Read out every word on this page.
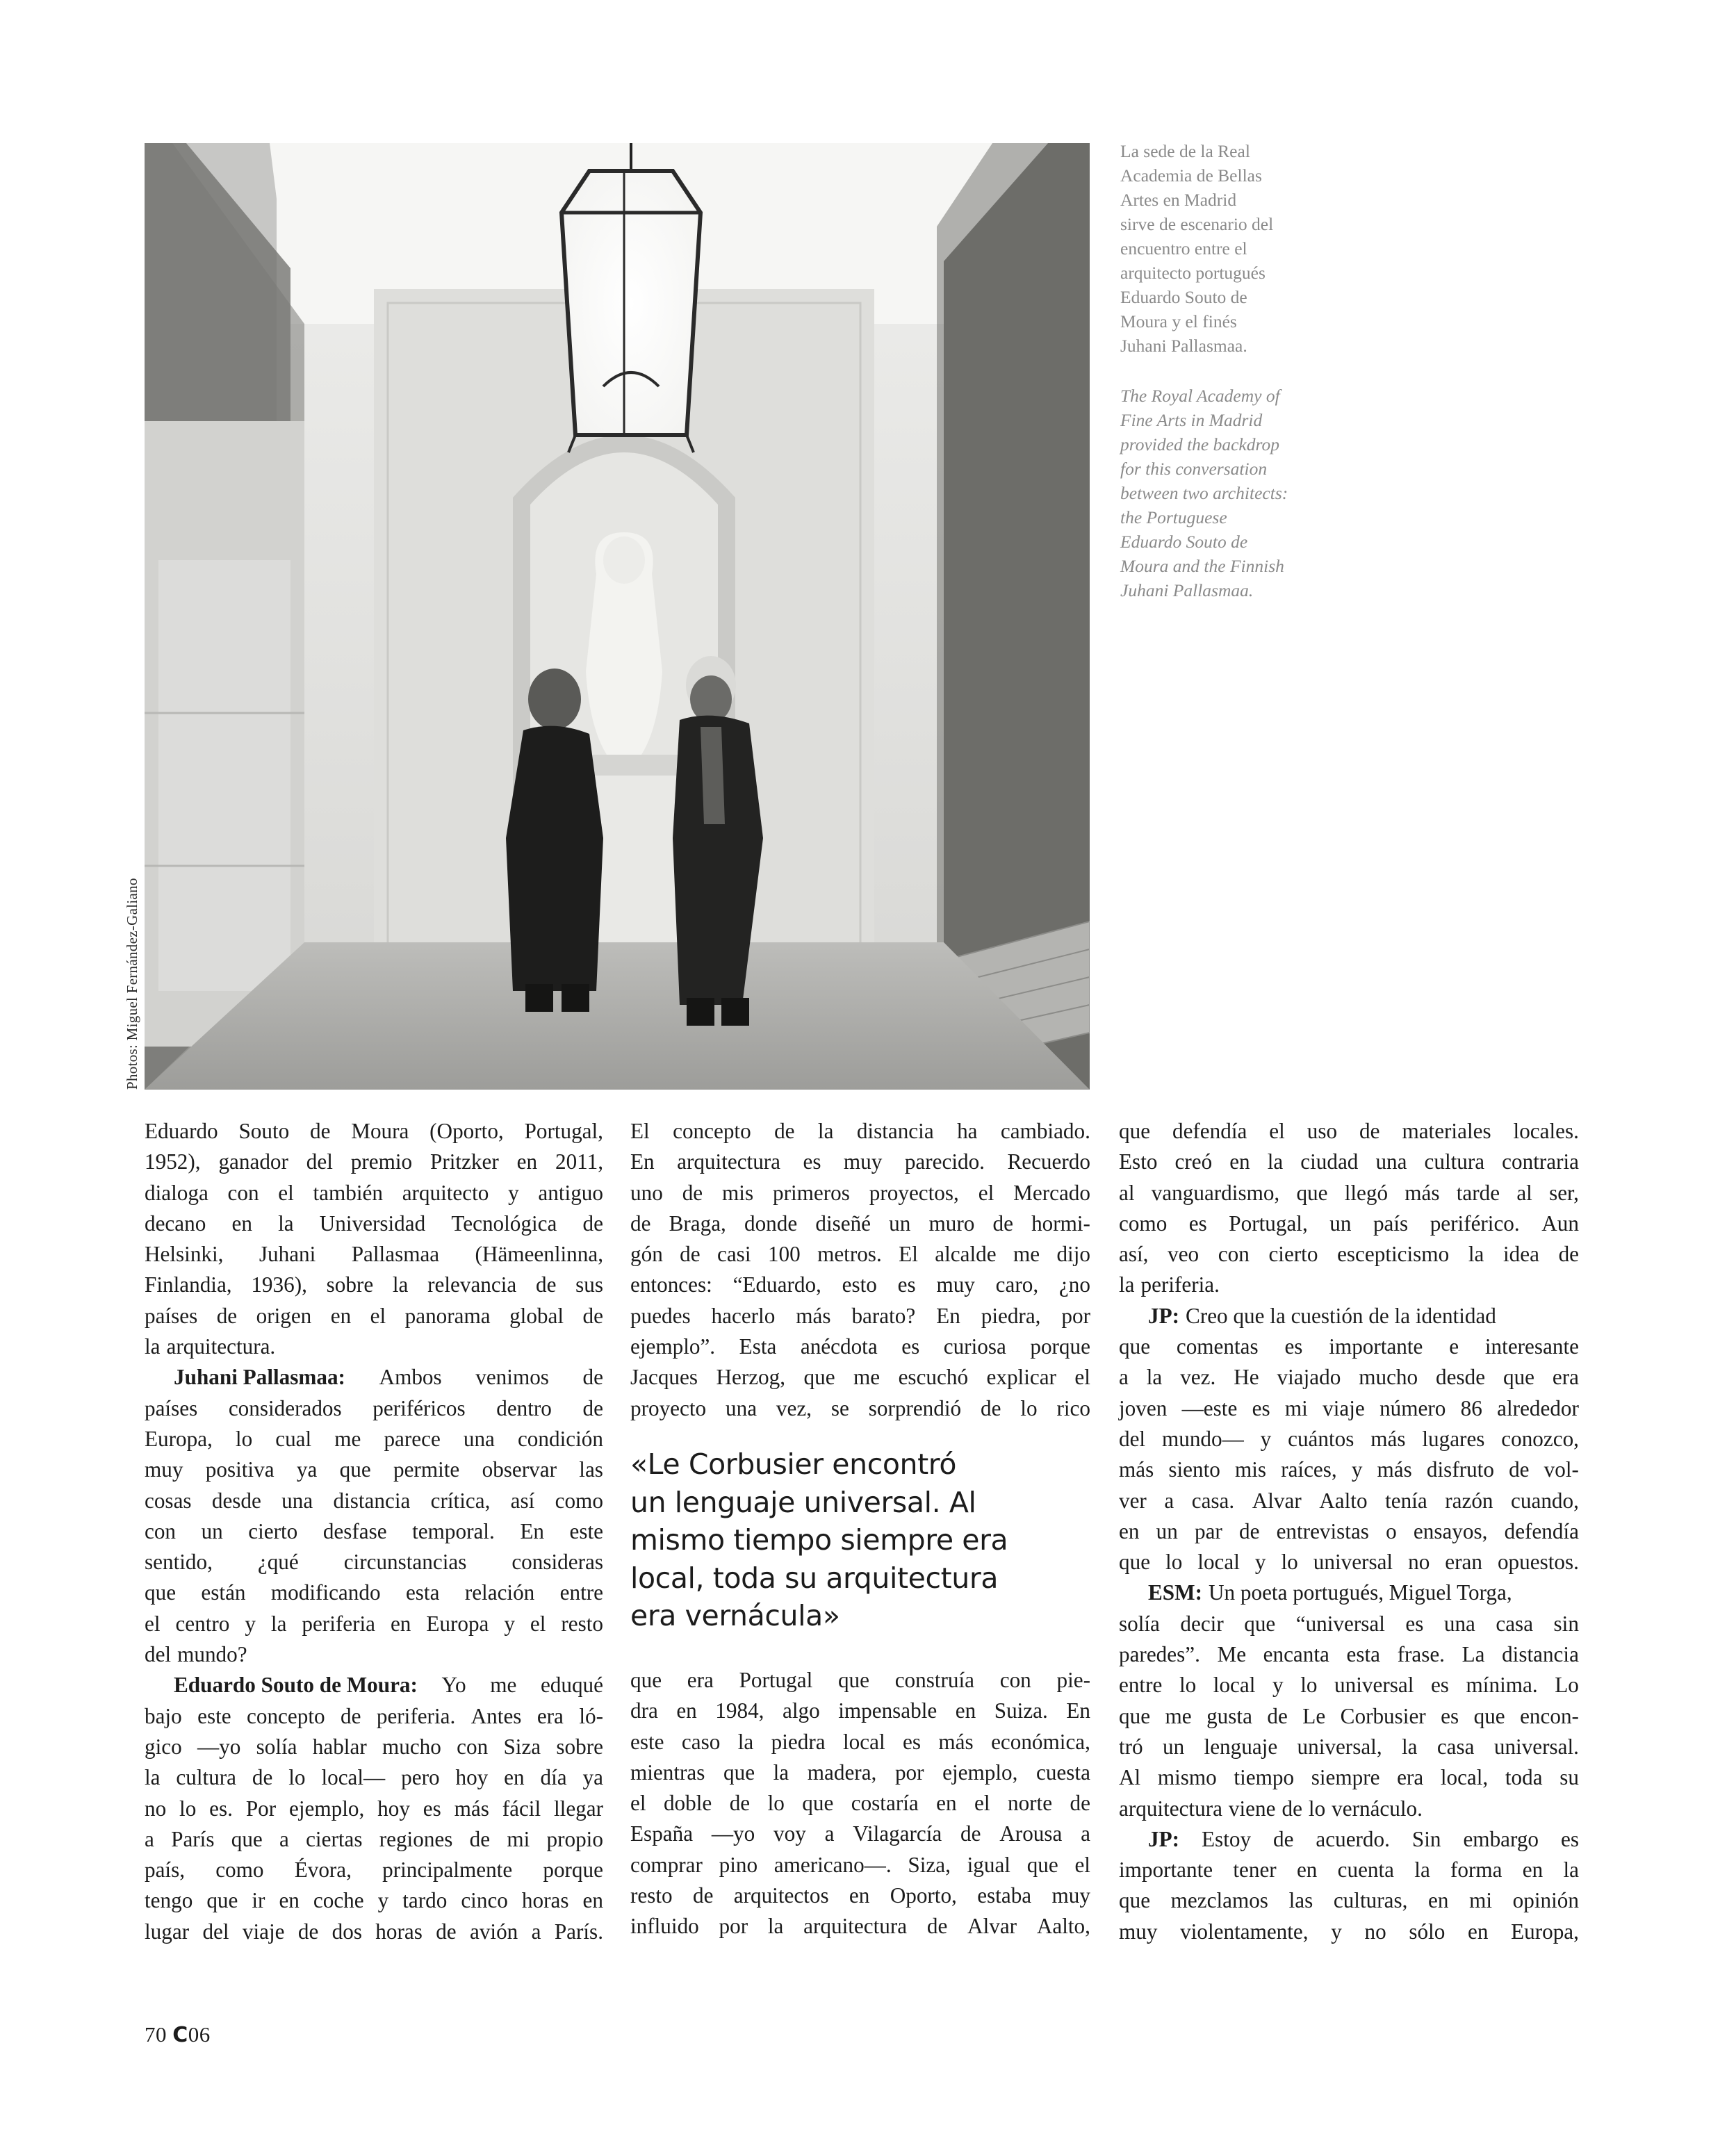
Photos: Miguel Fernández-Galiano
La sede de la Real
Academia de Bellas
Artes en Madrid
sirve de escenario del
encuentro entre el
arquitecto portugués
Eduardo Souto de
Moura y el finés
Juhani Pallasmaa.
The Royal Academy of
Fine Arts in Madrid
provided the backdrop
for this conversation
between two architects:
the Portuguese
Eduardo Souto de
Moura and the Finnish
Juhani Pallasmaa.
Eduardo Souto de Moura (Oporto, Portugal,
1952), ganador del premio Pritzker en 2011,
dialoga con el también arquitecto y antiguo
decano en la Universidad Tecnológica de
Helsinki, Juhani Pallasmaa (Hämeenlinna,
Finlandia, 1936), sobre la relevancia de sus
países de origen en el panorama global de
la arquitectura.
Juhani Pallasmaa: Ambos venimos de
países considerados periféricos dentro de
Europa, lo cual me parece una condición
muy positiva ya que permite observar las
cosas desde una distancia crítica, así como
con un cierto desfase temporal. En este
sentido, ¿qué circunstancias consideras
que están modificando esta relación entre
el centro y la periferia en Europa y el resto
del mundo?
Eduardo Souto de Moura: Yo me eduqué
bajo este concepto de periferia. Antes era ló-
gico —yo solía hablar mucho con Siza sobre
la cultura de lo local— pero hoy en día ya
no lo es. Por ejemplo, hoy es más fácil llegar
a París que a ciertas regiones de mi propio
país, como Évora, principalmente porque
tengo que ir en coche y tardo cinco horas en
lugar del viaje de dos horas de avión a París.
El concepto de la distancia ha cambiado.
En arquitectura es muy parecido. Recuerdo
uno de mis primeros proyectos, el Mercado
de Braga, donde diseñé un muro de hormi-
gón de casi 100 metros. El alcalde me dijo
entonces: “Eduardo, esto es muy caro, ¿no
puedes hacerlo más barato? En piedra, por
ejemplo”. Esta anécdota es curiosa porque
Jacques Herzog, que me escuchó explicar el
proyecto una vez, se sorprendió de lo rico
«Le Corbusier encontró
un lenguaje universal. Al
mismo tiempo siempre era
local, toda su arquitectura
era vernácula»
que era Portugal que construía con pie-
dra en 1984, algo impensable en Suiza. En
este caso la piedra local es más económica,
mientras que la madera, por ejemplo, cuesta
el doble de lo que costaría en el norte de
España —yo voy a Vilagarcía de Arousa a
comprar pino americano—. Siza, igual que el
resto de arquitectos en Oporto, estaba muy
influido por la arquitectura de Alvar Aalto,
que defendía el uso de materiales locales.
Esto creó en la ciudad una cultura contraria
al vanguardismo, que llegó más tarde al ser,
como es Portugal, un país periférico. Aun
así, veo con cierto escepticismo la idea de
la periferia.
JP: Creo que la cuestión de la identidad
que comentas es importante e interesante
a la vez. He viajado mucho desde que era
joven —este es mi viaje número 86 alrededor
del mundo— y cuántos más lugares conozco,
más siento mis raíces, y más disfruto de vol-
ver a casa. Alvar Aalto tenía razón cuando,
en un par de entrevistas o ensayos, defendía
que lo local y lo universal no eran opuestos.
ESM: Un poeta portugués, Miguel Torga,
solía decir que “universal es una casa sin
paredes”. Me encanta esta frase. La distancia
entre lo local y lo universal es mínima. Lo
que me gusta de Le Corbusier es que encon-
tró un lenguaje universal, la casa universal.
Al mismo tiempo siempre era local, toda su
arquitectura viene de lo vernáculo.
JP: Estoy de acuerdo. Sin embargo es
importante tener en cuenta la forma en la
que mezclamos las culturas, en mi opinión
muy violentamente, y no sólo en Europa,
70 C06
